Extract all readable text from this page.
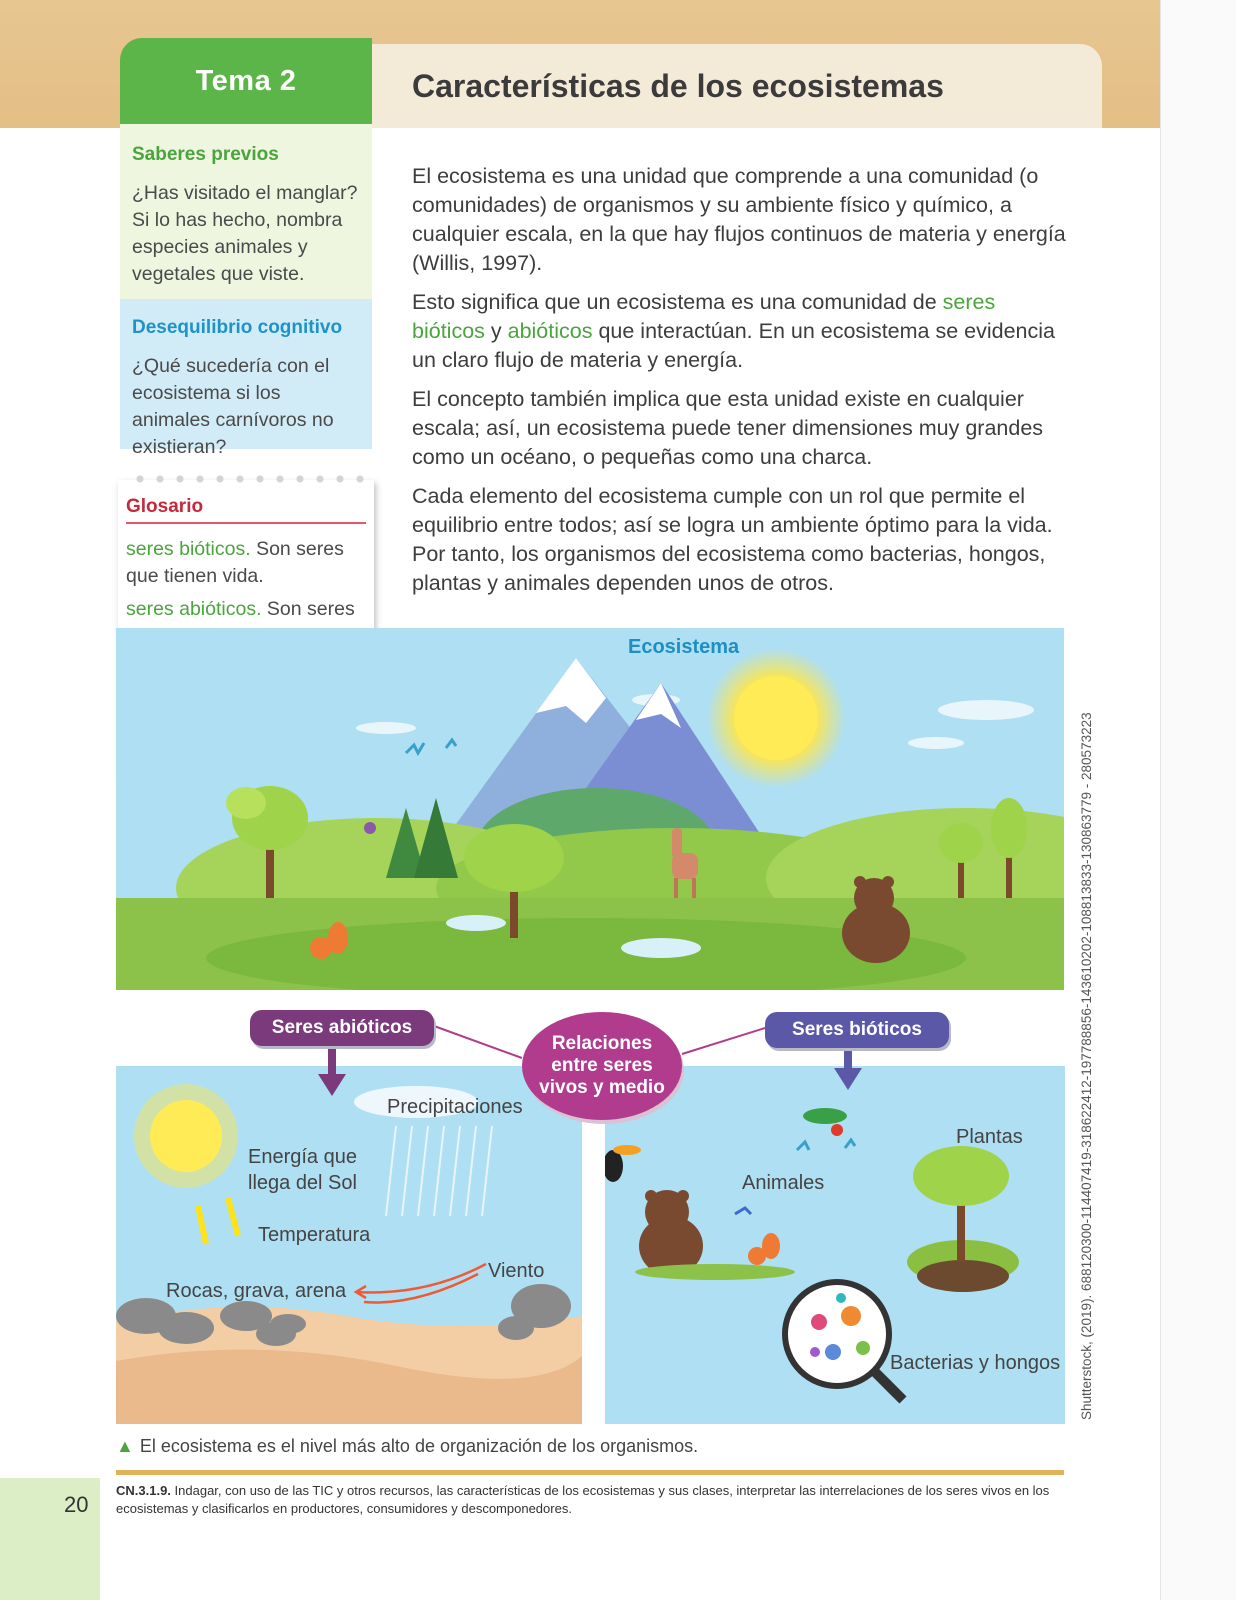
Tema 2	Características de los ecosistemas
Saberes previos
¿Has visitado el manglar? Si lo has hecho, nombra especies animales y vegetales que viste.
Desequilibrio cognitivo
¿Qué sucedería con el ecosistema si los animales carnívoros no existieran?
Glosario
seres bióticos. Son seres que tienen vida.
seres abióticos. Son seres

El ecosistema es una unidad que comprende a una comunidad (o comunidades) de organismos y su ambiente físico y químico, a cualquier escala, en la que hay flujos continuos de materia y energía (Willis, 1997).

Esto significa que un ecosistema es una comunidad de seres bióticos y abióticos que interactúan. En un ecosistema se evidencia un claro flujo de materia y energía.

El concepto también implica que esta unidad existe en cualquier escala; así, un ecosistema puede tener dimensiones muy grandes como un océano, o pequeñas como una charca.

Cada elemento del ecosistema cumple con un rol que permite el equilibrio entre todos; así se logra un ambiente óptimo para la vida. Por tanto, los organismos del ecosistema como bacterias, hongos, plantas y animales dependen unos de otros.

Ecosistema
Seres abióticos	Seres bióticos
Relaciones
entre seres
vivos y medio
Precipitaciones
Energía que
llega del Sol
Temperatura
Viento
Rocas, grava, arena
Plantas
Animales
Bacterias y hongos
▲ El ecosistema es el nivel más alto de organización de los organismos.
CN.3.1.9. Indagar, con uso de las TIC y otros recursos, las características de los ecosistemas y sus clases, interpretar las interrelaciones de los seres vivos en los ecosistemas y clasificarlos en productores, consumidores y descomponedores.
20
Shutterstock, (2019). 688120300-114407419-318622412-197788856-143610202-108813833-130863779 - 280573223
